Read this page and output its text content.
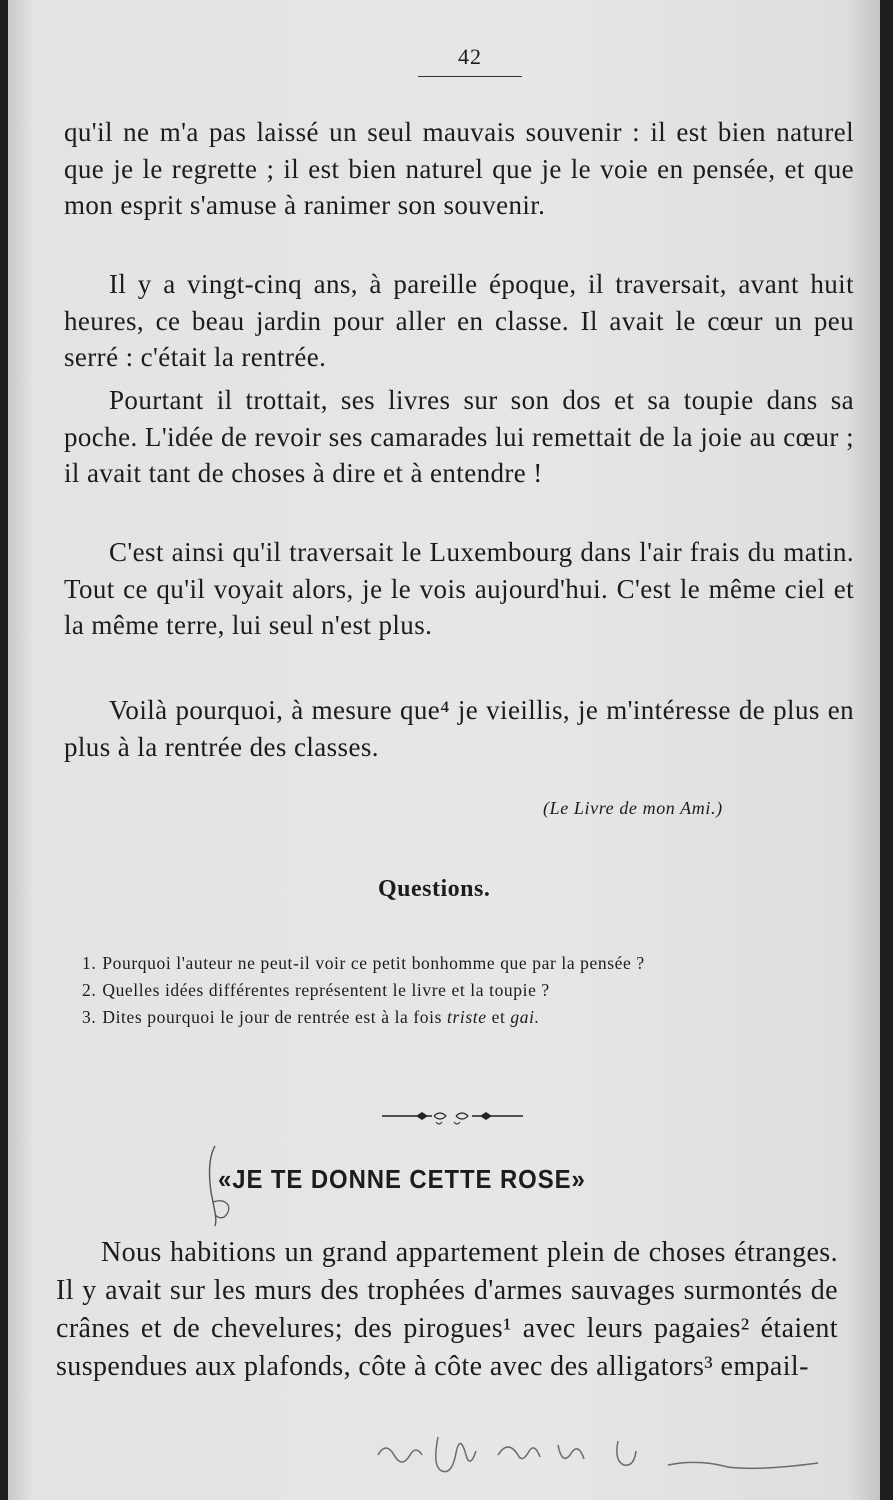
42

qu'il ne m'a pas laissé un seul mauvais souvenir : il est bien naturel que je le regrette ; il est bien naturel que je le voie en pensée, et que mon esprit s'amuse à ranimer son souvenir.

Il y a vingt-cinq ans, à pareille époque, il traversait, avant huit heures, ce beau jardin pour aller en classe. Il avait le cœur un peu serré : c'était la rentrée.

Pourtant il trottait, ses livres sur son dos et sa toupie dans sa poche. L'idée de revoir ses camarades lui remettait de la joie au cœur ; il avait tant de choses à dire et à entendre !

C'est ainsi qu'il traversait le Luxembourg dans l'air frais du matin. Tout ce qu'il voyait alors, je le vois aujourd'hui. C'est le même ciel et la même terre, lui seul n'est plus.

Voilà pourquoi, à mesure que⁴ je vieillis, je m'intéresse de plus en plus à la rentrée des classes.

(Le Livre de mon Ami.)
Questions.
1. Pourquoi l'auteur ne peut-il voir ce petit bonhomme que par la pensée ?
2. Quelles idées différentes représentent le livre et la toupie ?
3. Dites pourquoi le jour de rentrée est à la fois triste et gai.
«JE TE DONNE CETTE ROSE»

Nous habitions un grand appartement plein de choses étranges. Il y avait sur les murs des trophées d'armes sauvages surmontés de crânes et de chevelures; des pirogues¹ avec leurs pagaies² étaient suspendues aux plafonds, côte à côte avec des alligators³ empail-
